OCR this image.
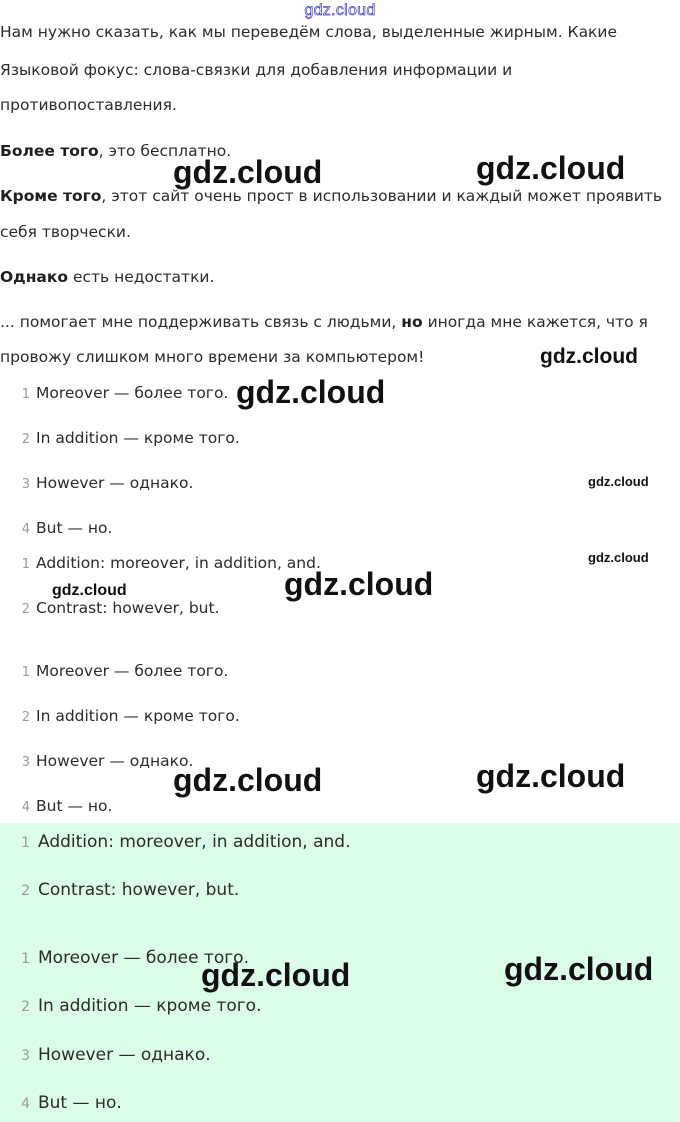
gdz.cloud

Нам нужно сказать, как мы переведём слова, выделенные жирным. Какие

Языковой фокус: слова-связки для добавления информации и

противопоставления.

Более того, это бесплатно.

Кроме того, этот сайт очень прост в использовании и каждый может проявить

себя творчески.

Однако есть недостатки.

... помогает мне поддерживать связь с людьми, но иногда мне кажется, что я

провожу слишком много времени за компьютером!

1 Moreover — более того.
2 In addition — кроме того.
3 However — однако.
4 But — но.
1 Addition: moreover, in addition, and.
2 Contrast: however, but.
1 Moreover — более того.
2 In addition — кроме того.
3 However — однако.
4 But — но.
1 Addition: moreover, in addition, and.
2 Contrast: however, but.
1 Moreover — более того.
2 In addition — кроме того.
3 However — однако.
4 But — но.
gdz.cloud	gdz.cloud
gdz.cloud
gdz.cloud
gdz.cloud
gdz.cloud
gdz.cloud	gdz.cloud
gdz.cloud	gdz.cloud
gdz.cloud	gdz.cloud
